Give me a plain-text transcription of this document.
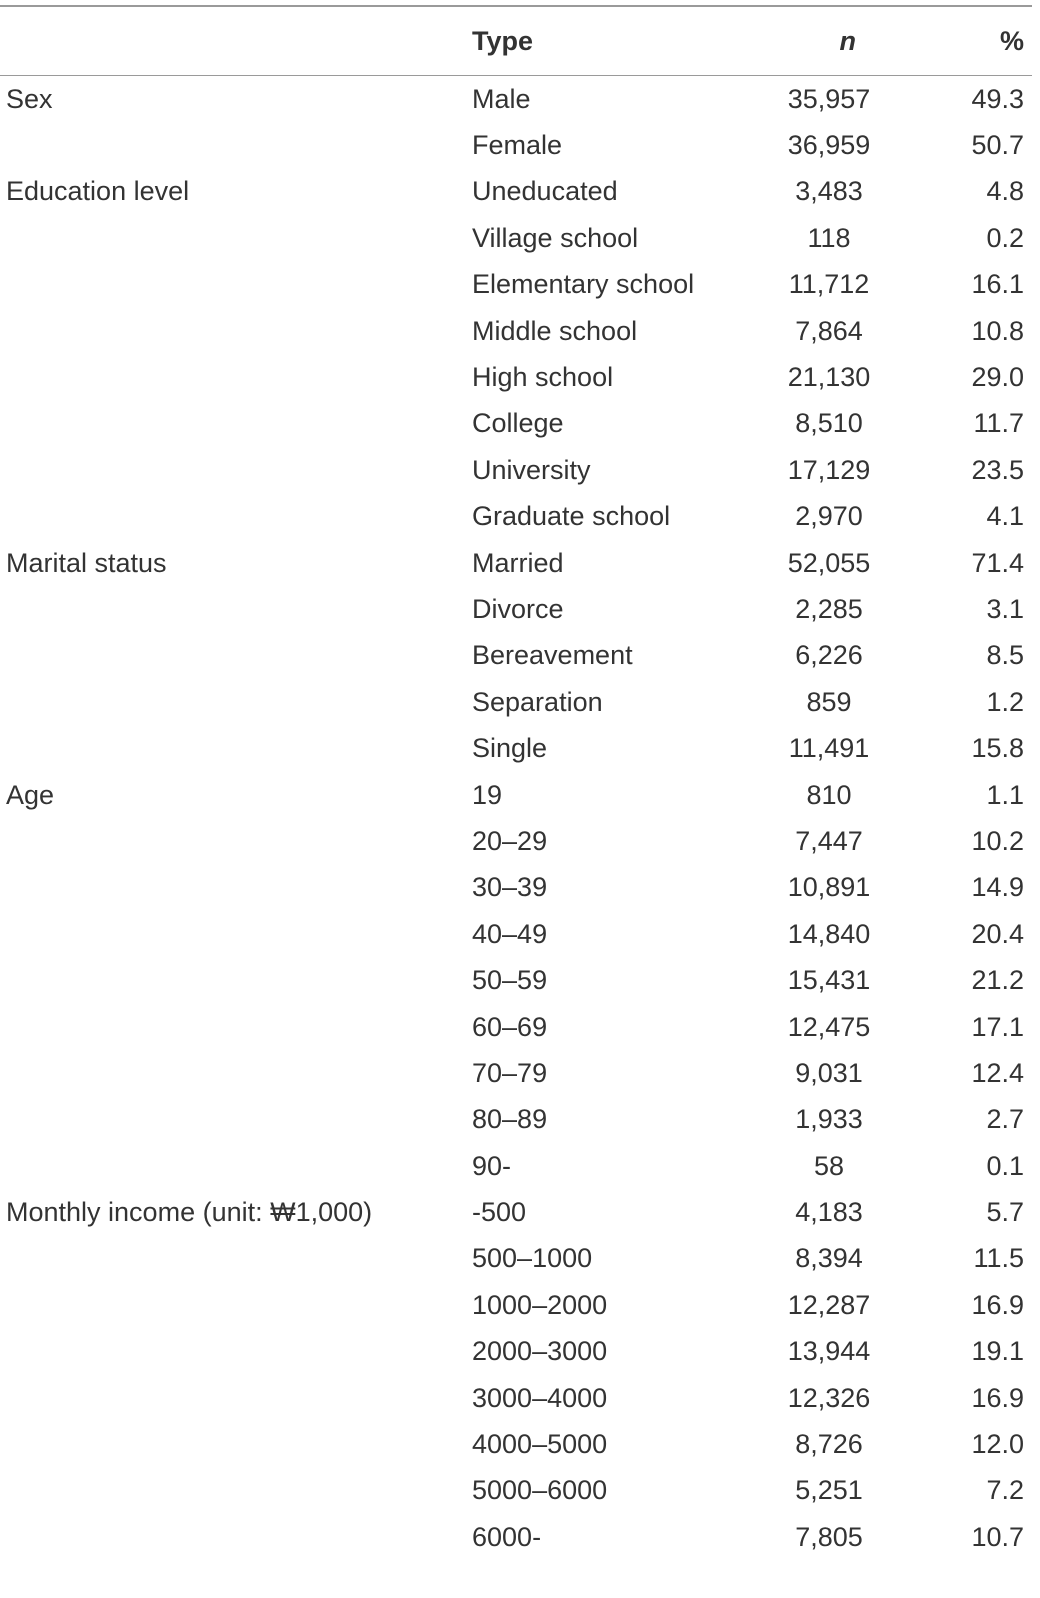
	Type	n	%
Sex	Male	35,957	49.3
	Female	36,959	50.7
Education level	Uneducated	3,483	4.8
	Village school	118	0.2
	Elementary school	11,712	16.1
	Middle school	7,864	10.8
	High school	21,130	29.0
	College	8,510	11.7
	University	17,129	23.5
	Graduate school	2,970	4.1
Marital status	Married	52,055	71.4
	Divorce	2,285	3.1
	Bereavement	6,226	8.5
	Separation	859	1.2
	Single	11,491	15.8
Age	19	810	1.1
	20–29	7,447	10.2
	30–39	10,891	14.9
	40–49	14,840	20.4
	50–59	15,431	21.2
	60–69	12,475	17.1
	70–79	9,031	12.4
	80–89	1,933	2.7
	90-	58	0.1
Monthly income (unit: ₩1,000)	-500	4,183	5.7
	500–1000	8,394	11.5
	1000–2000	12,287	16.9
	2000–3000	13,944	19.1
	3000–4000	12,326	16.9
	4000–5000	8,726	12.0
	5000–6000	5,251	7.2
	6000-	7,805	10.7
